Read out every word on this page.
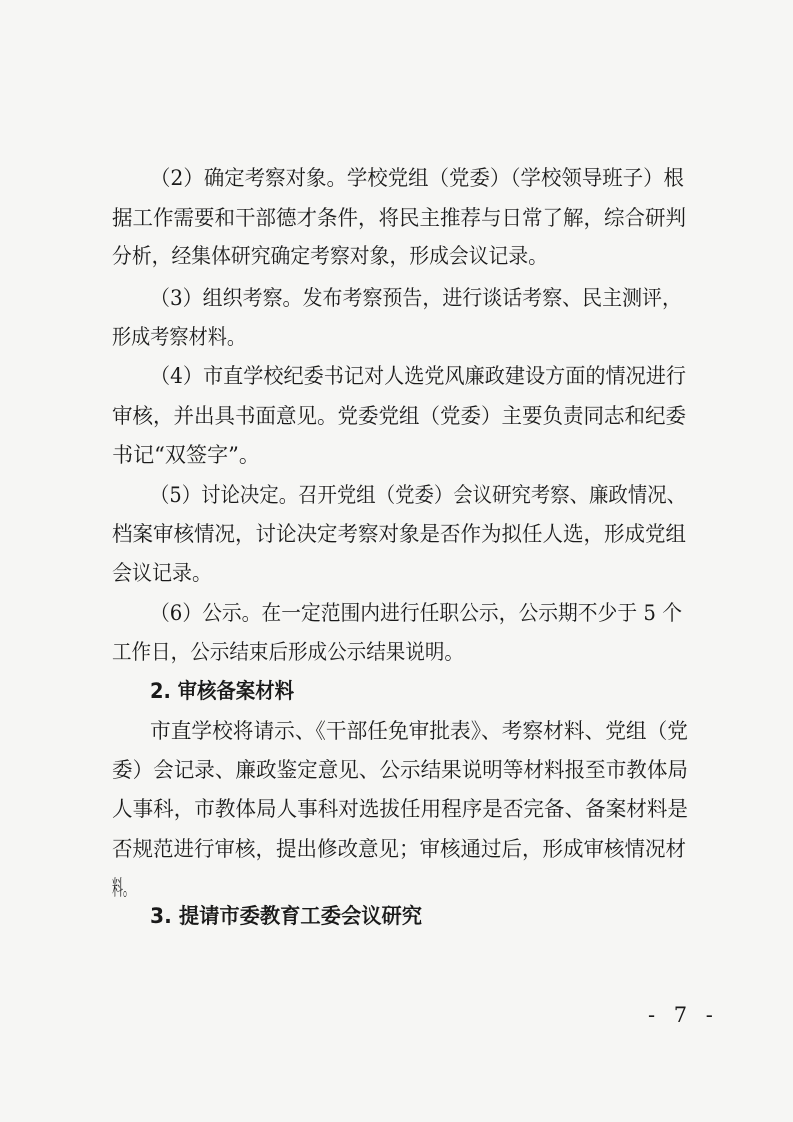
（2）确定考察对象。学校党组（党委）（学校领导班子）根
据工作需要和干部德才条件，将民主推荐与日常了解，综合研判
分析，经集体研究确定考察对象，形成会议记录。
（3）组织考察。发布考察预告，进行谈话考察、民主测评，
形成考察材料。
（4）市直学校纪委书记对人选党风廉政建设方面的情况进行
审核，并出具书面意见。党委党组（党委）主要负责同志和纪委
书记“双签字”。
（5）讨论决定。召开党组（党委）会议研究考察、廉政情况、
档案审核情况，讨论决定考察对象是否作为拟任人选，形成党组
会议记录。
（6）公示。在一定范围内进行任职公示，公示期不少于 5 个
工作日，公示结束后形成公示结果说明。
2. 审核备案材料
市直学校将请示、《干部任免审批表》、考察材料、党组（党
委）会记录、廉政鉴定意见、公示结果说明等材料报至市教体局
人事科，市教体局人事科对选拔任用程序是否完备、备案材料是
否规范进行审核，提出修改意见；审核通过后，形成审核情况材
料。
3. 提请市委教育工委会议研究
- 7 -
